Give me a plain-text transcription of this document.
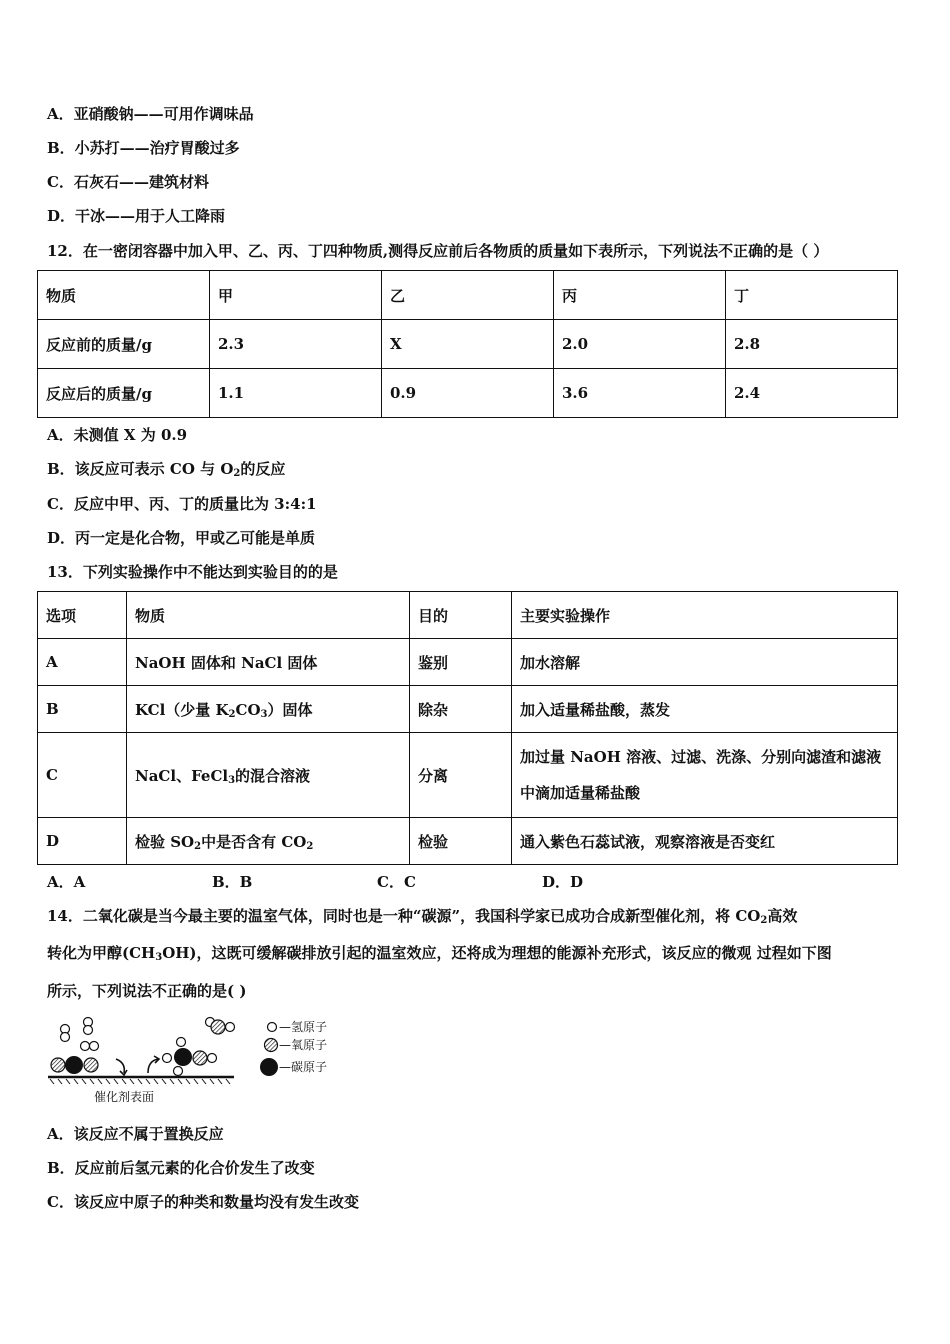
A．亚硝酸钠——可用作调味品
B．小苏打——治疗胃酸过多
C．石灰石——建筑材料
D．干冰——用于人工降雨
12．在一密闭容器中加入甲、乙、丙、丁四种物质,测得反应前后各物质的质量如下表所示，下列说法不正确的是（ ）
物质	甲	乙	丙	丁
反应前的质量/g	2.3	X	2.0	2.8
反应后的质量/g	1.1	0.9	3.6	2.4
A．未测值 X 为 0.9
B．该反应可表示 CO 与 $O_2$的反应
C．反应中甲、丙、丁的质量比为 3:4:1
D．丙一定是化合物，甲或乙可能是单质
13．下列实验操作中不能达到实验目的的是
选项	物质	目的	主要实验操作
A	NaOH 固体和 NaCl 固体	鉴别	加水溶解
B	KCl（少量 $K_2CO_3$）固体	除杂	加入适量稀盐酸，蒸发
C	NaCl、FeCl$_3$的混合溶液	分离	加过量 NaOH 溶液、过滤、洗涤、分别向滤渣和滤液中滴加适量稀盐酸
D	检验 $SO_2$中是否含有 $CO_2$	检验	通入紫色石蕊试液，观察溶液是否变红
A．A	B．B	C．C	D．D
14．二氧化碳是当今最主要的温室气体，同时也是一种“碳源”，我国科学家已成功合成新型催化剂，将 $CO_2$高效
转化为甲醇$(CH_3OH)$，这既可缓解碳排放引起的温室效应，还将成为理想的能源补充形式，该反应的微观 过程如下图
所示，下列说法不正确的是( )
催化剂表面
—氢原子
—氧原子
—碳原子
A．该反应不属于置换反应
B．反应前后氢元素的化合价发生了改变
C．该反应中原子的种类和数量均没有发生改变
